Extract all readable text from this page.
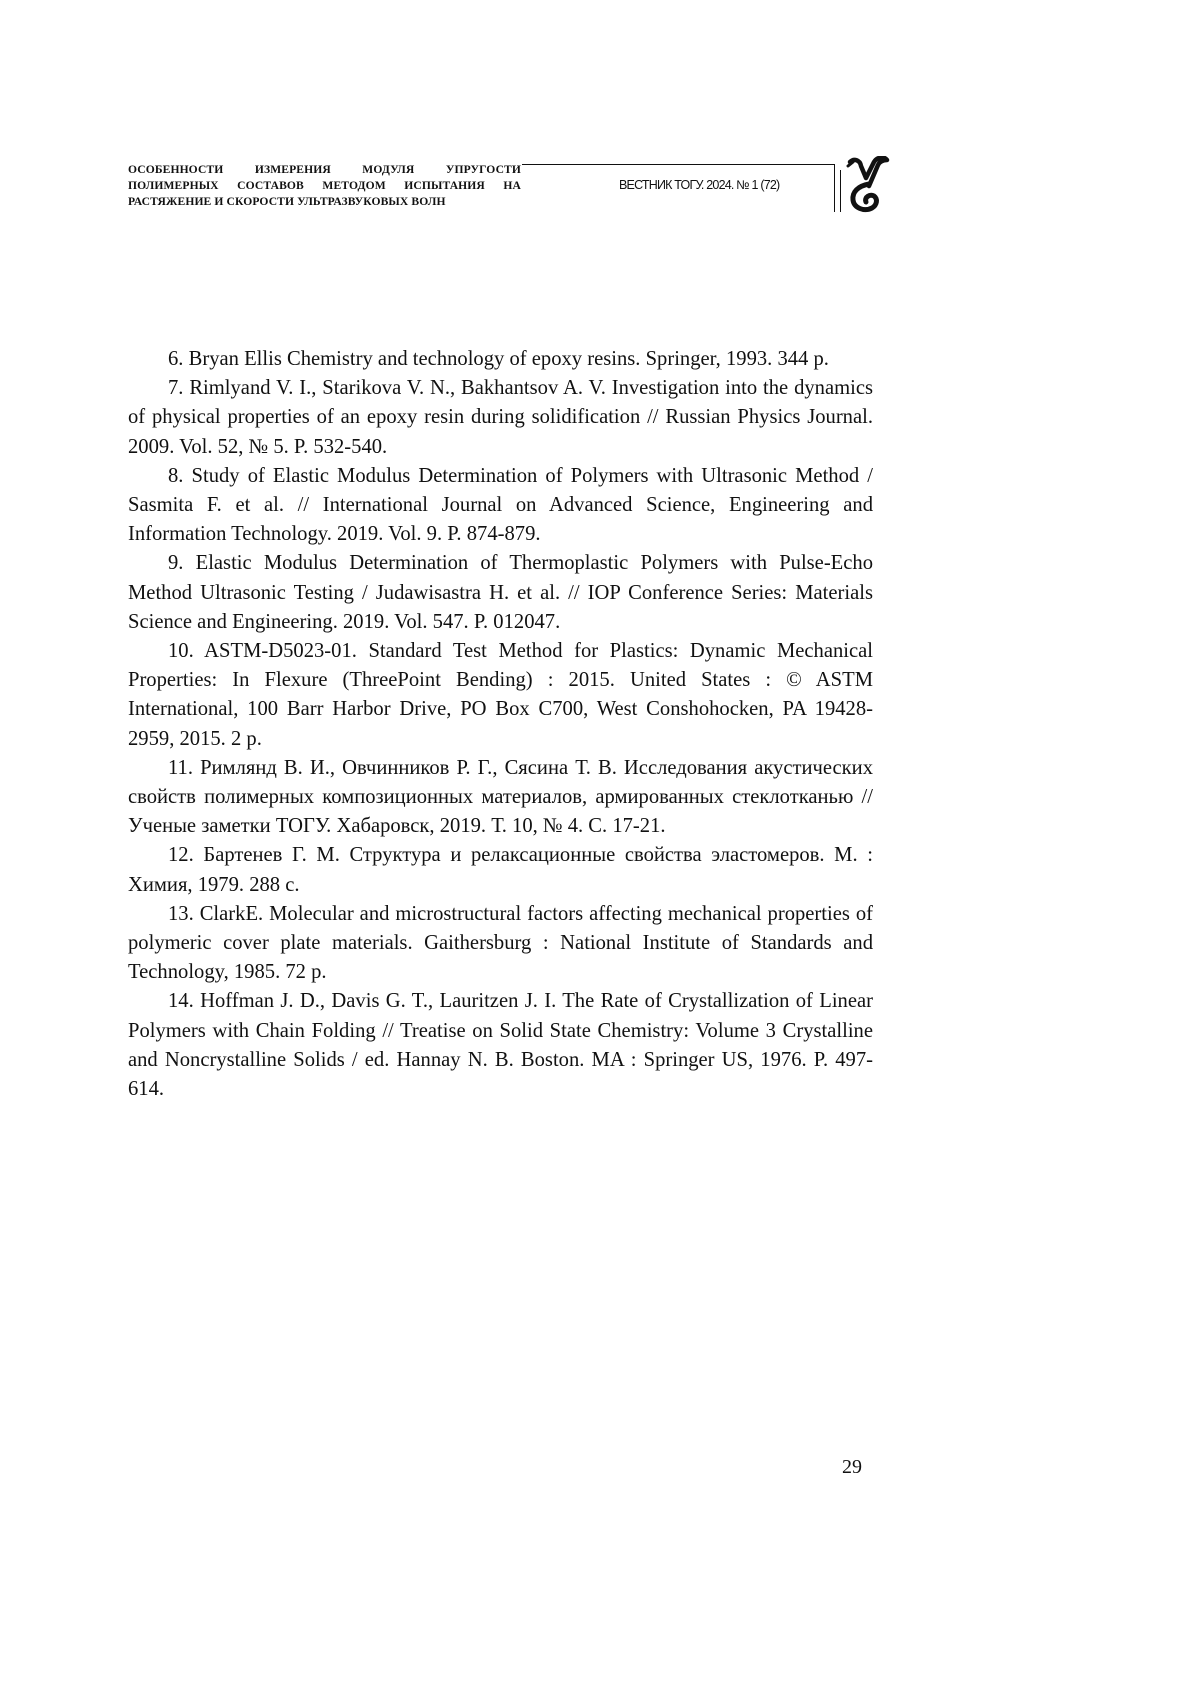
ОСОБЕННОСТИ ИЗМЕРЕНИЯ МОДУЛЯ УПРУГОСТИ ПОЛИМЕРНЫХ СОСТАВОВ МЕТОДОМ ИСПЫТАНИЯ НА РАСТЯЖЕНИЕ И СКОРОСТИ УЛЬТРАЗВУКОВЫХ ВОЛН

ВЕСТНИК ТОГУ. 2024. № 1 (72)
6. Bryan Ellis Chemistry and technology of epoxy resins. Springer, 1993. 344 p.
7. Rimlyand V. I., Starikova V. N., Bakhantsov A. V. Investigation into the dynamics of physical properties of an epoxy resin during solidification // Russian Physics Journal. 2009. Vol. 52, № 5. P. 532-540.
8. Study of Elastic Modulus Determination of Polymers with Ultrasonic Method / Sasmita F. et al. // International Journal on Advanced Science, Engineering and Information Technology. 2019. Vol. 9. P. 874-879.
9. Elastic Modulus Determination of Thermoplastic Polymers with Pulse-Echo Method Ultrasonic Testing / Judawisastra H. et al. // IOP Conference Series: Materials Science and Engineering. 2019. Vol. 547. P. 012047.
10. ASTM-D5023-01. Standard Test Method for Plastics: Dynamic Mechanical Properties: In Flexure (ThreePoint Bending) : 2015. United States : © ASTM International, 100 Barr Harbor Drive, PO Box C700, West Conshohocken, PA 19428-2959, 2015. 2 p.
11. Римлянд В. И., Овчинников Р. Г., Сясина Т. В. Исследования акустических свойств полимерных композиционных материалов, армированных стеклотканью // Ученые заметки ТОГУ. Хабаровск, 2019. Т. 10, № 4. С. 17-21.
12. Бартенев Г. М. Структура и релаксационные свойства эластомеров. М. : Химия, 1979. 288 с.
13. ClarkE. Molecular and microstructural factors affecting mechanical properties of polymeric cover plate materials. Gaithersburg : National Institute of Standards and Technology, 1985. 72 p.
14. Hoffman J. D., Davis G. T., Lauritzen J. I. The Rate of Crystallization of Linear Polymers with Chain Folding // Treatise on Solid State Chemistry: Volume 3 Crystalline and Noncrystalline Solids / ed. Hannay N. B. Boston. MA : Springer US, 1976. P. 497-614.
29
